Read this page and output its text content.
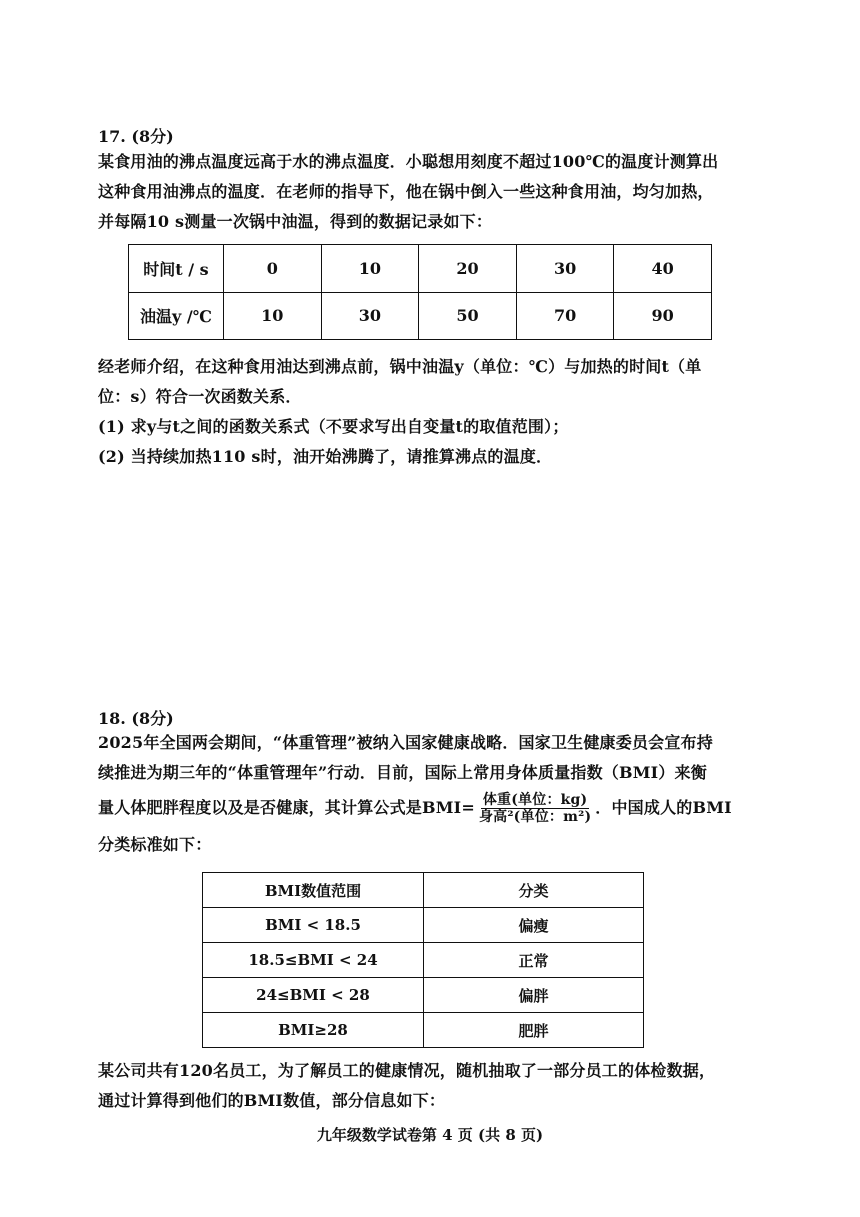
17. (8分)
某食用油的沸点温度远高于水的沸点温度．小聪想用刻度不超过100℃的温度计测算出
这种食用油沸点的温度．在老师的指导下，他在锅中倒入一些这种食用油，均匀加热，
并每隔10 s测量一次锅中油温，得到的数据记录如下：
时间t / s	0	10	20	30	40
油温y /℃	10	30	50	70	90
经老师介绍，在这种食用油达到沸点前，锅中油温y（单位：℃）与加热的时间t（单
位：s）符合一次函数关系．
(1) 求y与t之间的函数关系式（不要求写出自变量t的取值范围）；
(2) 当持续加热110 s时，油开始沸腾了，请推算沸点的温度．
18. (8分)
2025年全国两会期间，“体重管理”被纳入国家健康战略．国家卫生健康委员会宣布持
续推进为期三年的“体重管理年”行动．目前，国际上常用身体质量指数（BMI）来衡
量人体肥胖程度以及是否健康，其计算公式是$BMI= \frac{\text{体重(单位：kg)}}{\text{身高²(单位：m²)}}$ ．中国成人的BMI
分类标准如下：
BMI数值范围	分类
BMI < 18.5	偏瘦
18.5≤BMI < 24	正常
24≤BMI < 28	偏胖
BMI≥28	肥胖
某公司共有120名员工，为了解员工的健康情况，随机抽取了一部分员工的体检数据，
通过计算得到他们的BMI数值，部分信息如下：
九年级数学试卷第 4 页 (共 8 页)
